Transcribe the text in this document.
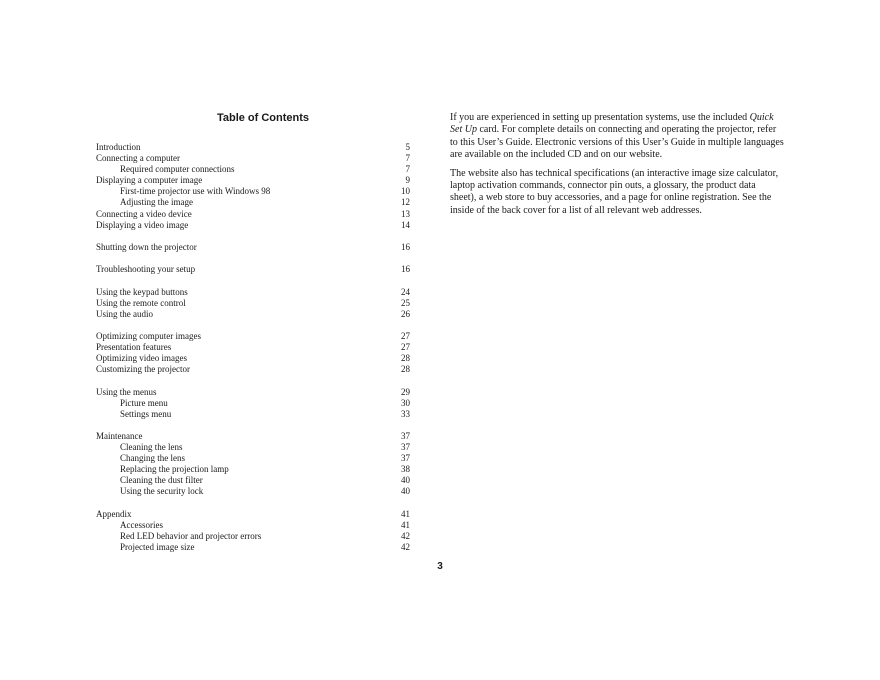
Table of Contents
Introduction	5
Connecting a computer	7
Required computer connections	7
Displaying a computer image	9
First-time projector use with Windows 98	10
Adjusting the image	12
Connecting a video device	13
Displaying a video image	14
Shutting down the projector	16
Troubleshooting your setup	16
Using the keypad buttons	24
Using the remote control	25
Using the audio	26
Optimizing computer images	27
Presentation features	27
Optimizing video images	28
Customizing the projector	28
Using the menus	29
Picture menu	30
Settings menu	33
Maintenance	37
Cleaning the lens	37
Changing the lens	37
Replacing the projection lamp	38
Cleaning the dust filter	40
Using the security lock	40
Appendix	41
Accessories	41
Red LED behavior and projector errors	42
Projected image size	42

If you are experienced in setting up presentation systems, use the included Quick Set Up card. For complete details on connecting and operating the projector, refer to this User’s Guide. Electronic versions of this User’s Guide in multiple languages are available on the included CD and on our website.

The website also has technical specifications (an interactive image size calculator, laptop activation commands, connector pin outs, a glossary, the product data sheet), a web store to buy accessories, and a page for online registration. See the inside of the back cover for a list of all relevant web addresses.

3
